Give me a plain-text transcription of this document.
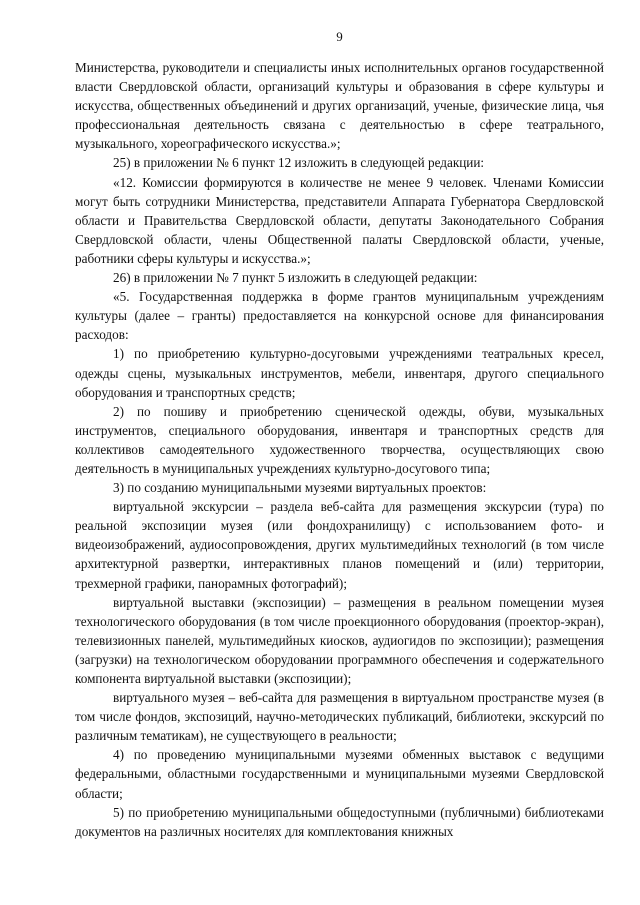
9

Министерства, руководители и специалисты иных исполнительных органов государственной власти Свердловской области, организаций культуры и образования в сфере культуры и искусства, общественных объединений и других организаций, ученые, физические лица, чья профессиональная деятельность связана с деятельностью в сфере театрального, музыкального, хореографического искусства.»;

25) в приложении № 6 пункт 12 изложить в следующей редакции:

«12. Комиссии формируются в количестве не менее 9 человек. Членами Комиссии могут быть сотрудники Министерства, представители Аппарата Губернатора Свердловской области и Правительства Свердловской области, депутаты Законодательного Собрания Свердловской области, члены Общественной палаты Свердловской области, ученые, работники сферы культуры и искусства.»;

26) в приложении № 7 пункт 5 изложить в следующей редакции:

«5. Государственная поддержка в форме грантов муниципальным учреждениям культуры (далее – гранты) предоставляется на конкурсной основе для финансирования расходов:

1) по приобретению культурно-досуговыми учреждениями театральных кресел, одежды сцены, музыкальных инструментов, мебели, инвентаря, другого специального оборудования и транспортных средств;

2) по пошиву и приобретению сценической одежды, обуви, музыкальных инструментов, специального оборудования, инвентаря и транспортных средств для коллективов самодеятельного художественного творчества, осуществляющих свою деятельность в муниципальных учреждениях культурно-досугового типа;

3) по созданию муниципальными музеями виртуальных проектов:

виртуальной экскурсии – раздела веб-сайта для размещения экскурсии (тура) по реальной экспозиции музея (или фондохранилищу) с использованием фото- и видеоизображений, аудиосопровождения, других мультимедийных технологий (в том числе архитектурной развертки, интерактивных планов помещений и (или) территории, трехмерной графики, панорамных фотографий);

виртуальной выставки (экспозиции) – размещения в реальном помещении музея технологического оборудования (в том числе проекционного оборудования (проектор-экран), телевизионных панелей, мультимедийных киосков, аудиогидов по экспозиции); размещения (загрузки) на технологическом оборудовании программного обеспечения и содержательного компонента виртуальной выставки (экспозиции);

виртуального музея – веб-сайта для размещения в виртуальном пространстве музея (в том числе фондов, экспозиций, научно-методических публикаций, библиотеки, экскурсий по различным тематикам), не существующего в реальности;

4) по проведению муниципальными музеями обменных выставок с ведущими федеральными, областными государственными и муниципальными музеями Свердловской области;

5) по приобретению муниципальными общедоступными (публичными) библиотеками документов на различных носителях для комплектования книжных
